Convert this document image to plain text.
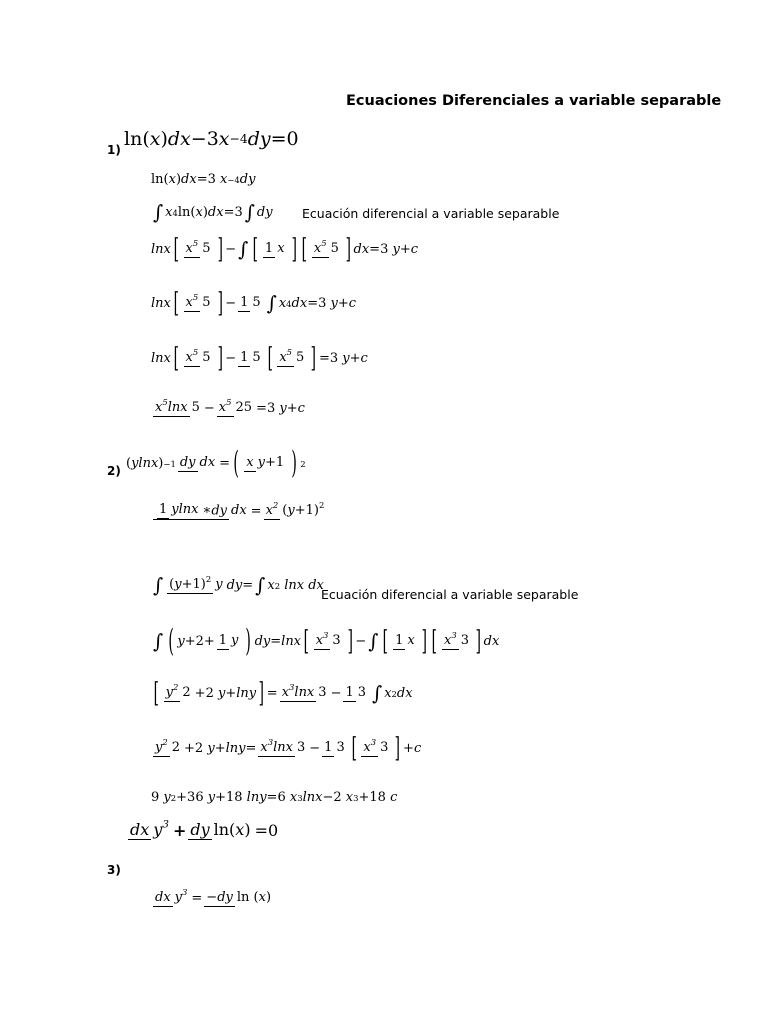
Ecuaciones Diferenciales a variable separable
1) ln ( x ) dx −3 x −4 dy =0
ln ( x ) dx =3
x −4 dy
∫ x 4 ln ( x ) dx =3 ∫ dy Ecuación diferencial a variable separable
lnx [ $x^5$ 5 ] − ∫ [ 1 x ] [ $x^5$ 5 ] dx =3
y + c
lnx [ $x^5$ 5 ] − 1 5 ∫ x 4 dx =3
y + c
lnx [ $x^5$ 5 ] − 1 5 [ $x^5$ 5 ] =3
y + c
$x^5\ln x$ $5 - x^5$ 25 =3
y + c
2) ( ylnx ) −1 dy dx = ( x y+1 ) 2
1 ylnx ∗dy dx = $x^2$ $(y+1)^2$
∫ $(y+1)^2$ y dy = ∫ x 2
lnx
dx
Ecuación diferencial a variable separable
∫ ( y +2+ 1 y ) dy = lnx [ $x^3$ 3 ] − ∫ [ 1 x ] [ $x^3$ 3 ] dx
[ $y^2$ 2 +2
y + lny ] = $x^3\ln x$ 3 − 1 3 ∫ x 2 dx
$y^2$ 2 +2
$y + \ln y = x^3\ln x$ 3 − 1 3 [ $x^3$ 3 ] + c
9
y 2 +36
y +18
lny =6
x 3 lnx −2
x 3 +18
c
3)
dx $y^3$ + dy ln(x) =0
dx $y^3 = -dy$ ln (x)
